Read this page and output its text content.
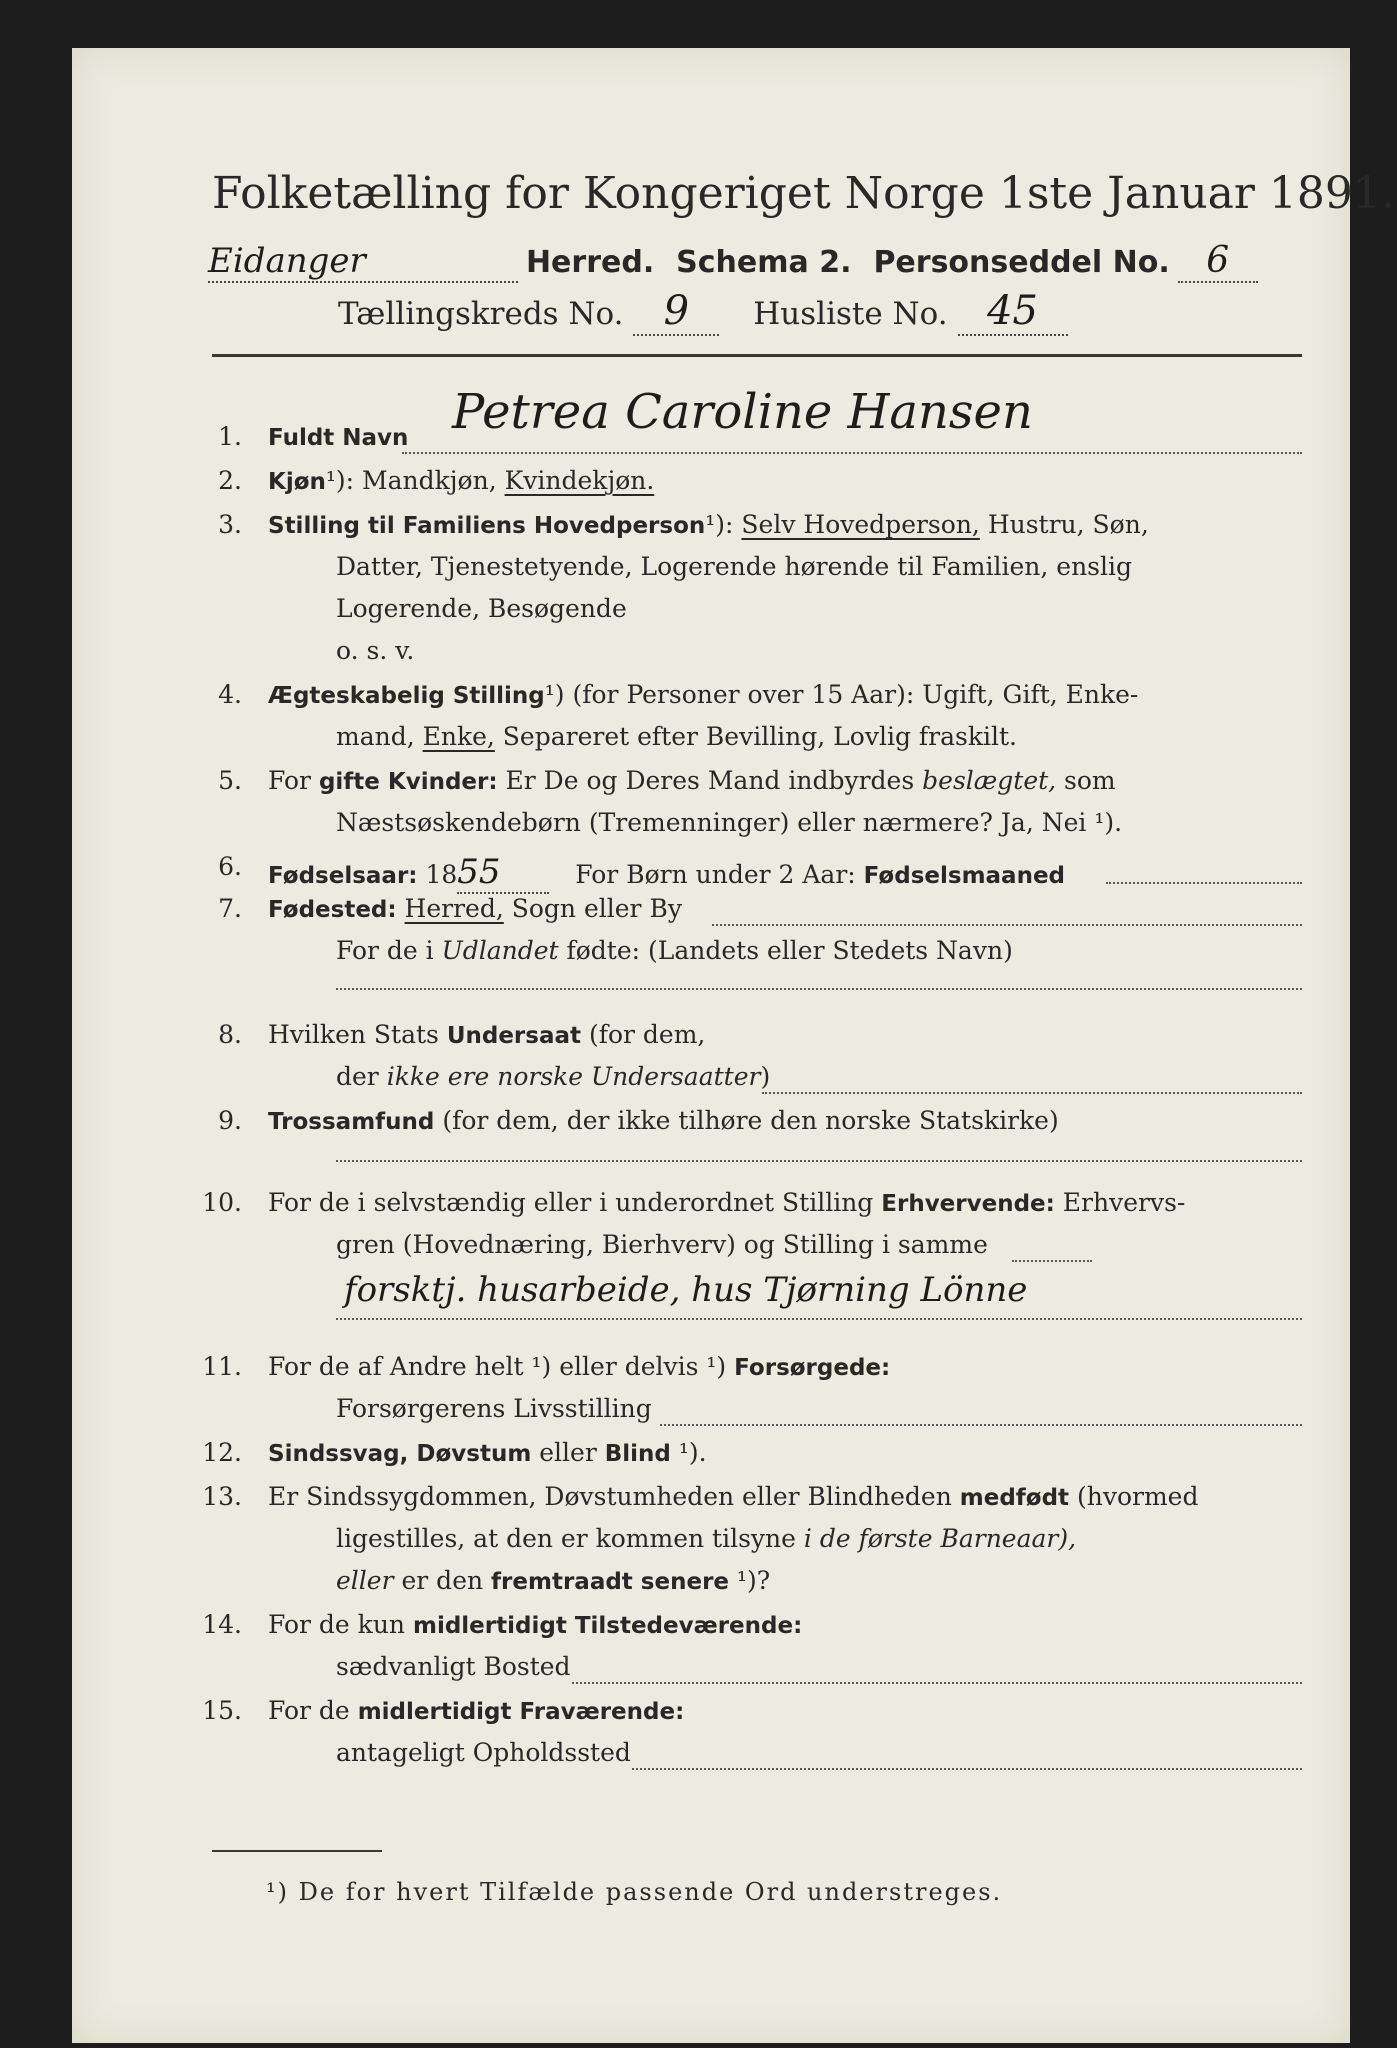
Folketælling for Kongeriget Norge 1ste Januar 1891.
Eidanger	Herred. Schema 2. Personseddel No. 6
Tællingskreds No. 9 Husliste No. 45
1. Fuldt Navn Petrea Caroline Hansen
2. Kjøn¹): Mandkjøn, Kvindekjøn.
3. Stilling til Familiens Hovedperson¹): Selv Hovedperson, Hustru, Søn,
Datter, Tjenestetyende, Logerende hørende til Familien, enslig
Logerende, Besøgende
o. s. v.
4. Ægteskabelig Stilling¹) (for Personer over 15 Aar): Ugift, Gift, Enke-
mand, Enke, Separeret efter Bevilling, Lovlig fraskilt.
5. For gifte Kvinder: Er De og Deres Mand indbyrdes beslægtet, som
Næstsøskendebørn (Tremenninger) eller nærmere? Ja, Nei ¹).
6. Fødselsaar: 1855	For Børn under 2 Aar: Fødselsmaaned
7. Fødested: Herred, Sogn eller By
For de i Udlandet fødte: (Landets eller Stedets Navn)
8. Hvilken Stats Undersaat (for dem,
der ikke ere norske Undersaatter)
9. Trossamfund (for dem, der ikke tilhøre den norske Statskirke)
10. For de i selvstændig eller i underordnet Stilling Erhvervende: Erhvervs-
gren (Hovednæring, Bierhverv) og Stilling i samme
forsktj. husarbeide, hus Tjørning Lönne
11. For de af Andre helt ¹) eller delvis ¹) Forsørgede:
Forsørgerens Livsstilling
12. Sindssvag, Døvstum eller Blind ¹).
13. Er Sindssygdommen, Døvstumheden eller Blindheden medfødt (hvormed
ligestilles, at den er kommen tilsyne i de første Barneaar),
eller er den fremtraadt senere ¹)?
14. For de kun midlertidigt Tilstedeværende:
sædvanligt Bosted
15. For de midlertidigt Fraværende:
antageligt Opholdssted
¹) De for hvert Tilfælde passende Ord understreges.
